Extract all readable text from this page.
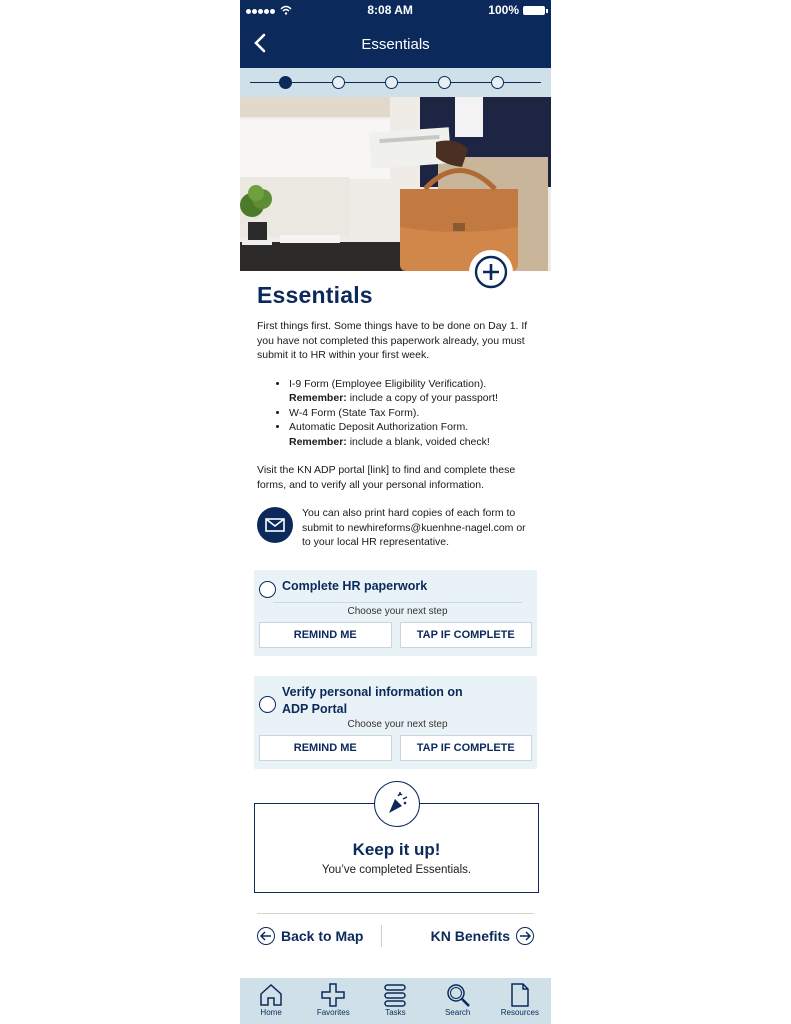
8:08 AM	100%
Essentials
Essentials

First things first. Some things have to be done on Day 1. If you have not completed this paperwork already, you must submit it to HR within your first week.

• I-9 Form (Employee Eligibility Verification).
Remember: include a copy of your passport!
• W-4 Form (State Tax Form).
• Automatic Deposit Authorization Form.
Remember: include a blank, voided check!

Visit the KN ADP portal [link] to find and complete these forms, and to verify all your personal information.

You can also print hard copies of each form to submit to newhireforms@kuenhne-nagel.com or to your local HR representative.

Complete HR paperwork
Choose your next step
REMIND ME	TAP IF COMPLETE
Verify personal information on ADP Portal
Choose your next step
REMIND ME	TAP IF COMPLETE
Keep it up!
You’ve completed Essentials.
Back to Map	KN Benefits
Home	Favorites	Tasks	Search	Resources
